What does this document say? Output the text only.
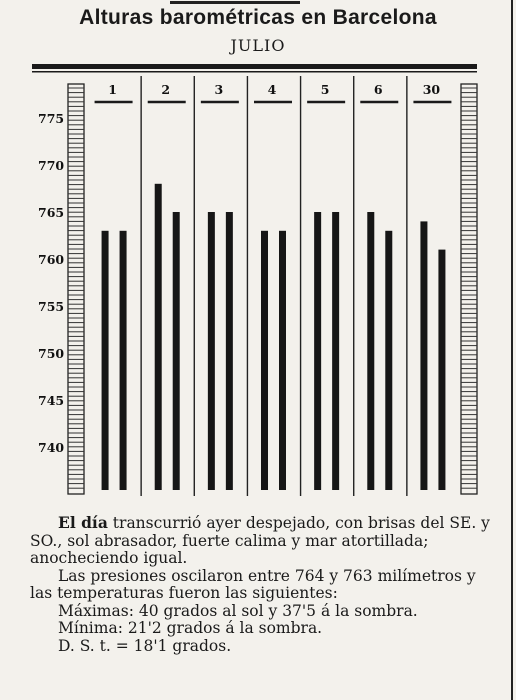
Alturas barométricas en Barcelona
JULIO
775
770
765
760
755
750
745
740
1	2	3	4	5	6	30

El día transcurrió ayer despejado, con brisas del SE. y SO., sol abrasador, fuerte calima y mar atortillada; anocheciendo igual.

Las presiones oscilaron entre 764 y 763 milímetros y las temperaturas fueron las siguientes:

Máximas: 40 grados al sol y 37'5 á la sombra.

Mínima: 21'2 grados á la sombra.

D. S. t. = 18'1 grados.
